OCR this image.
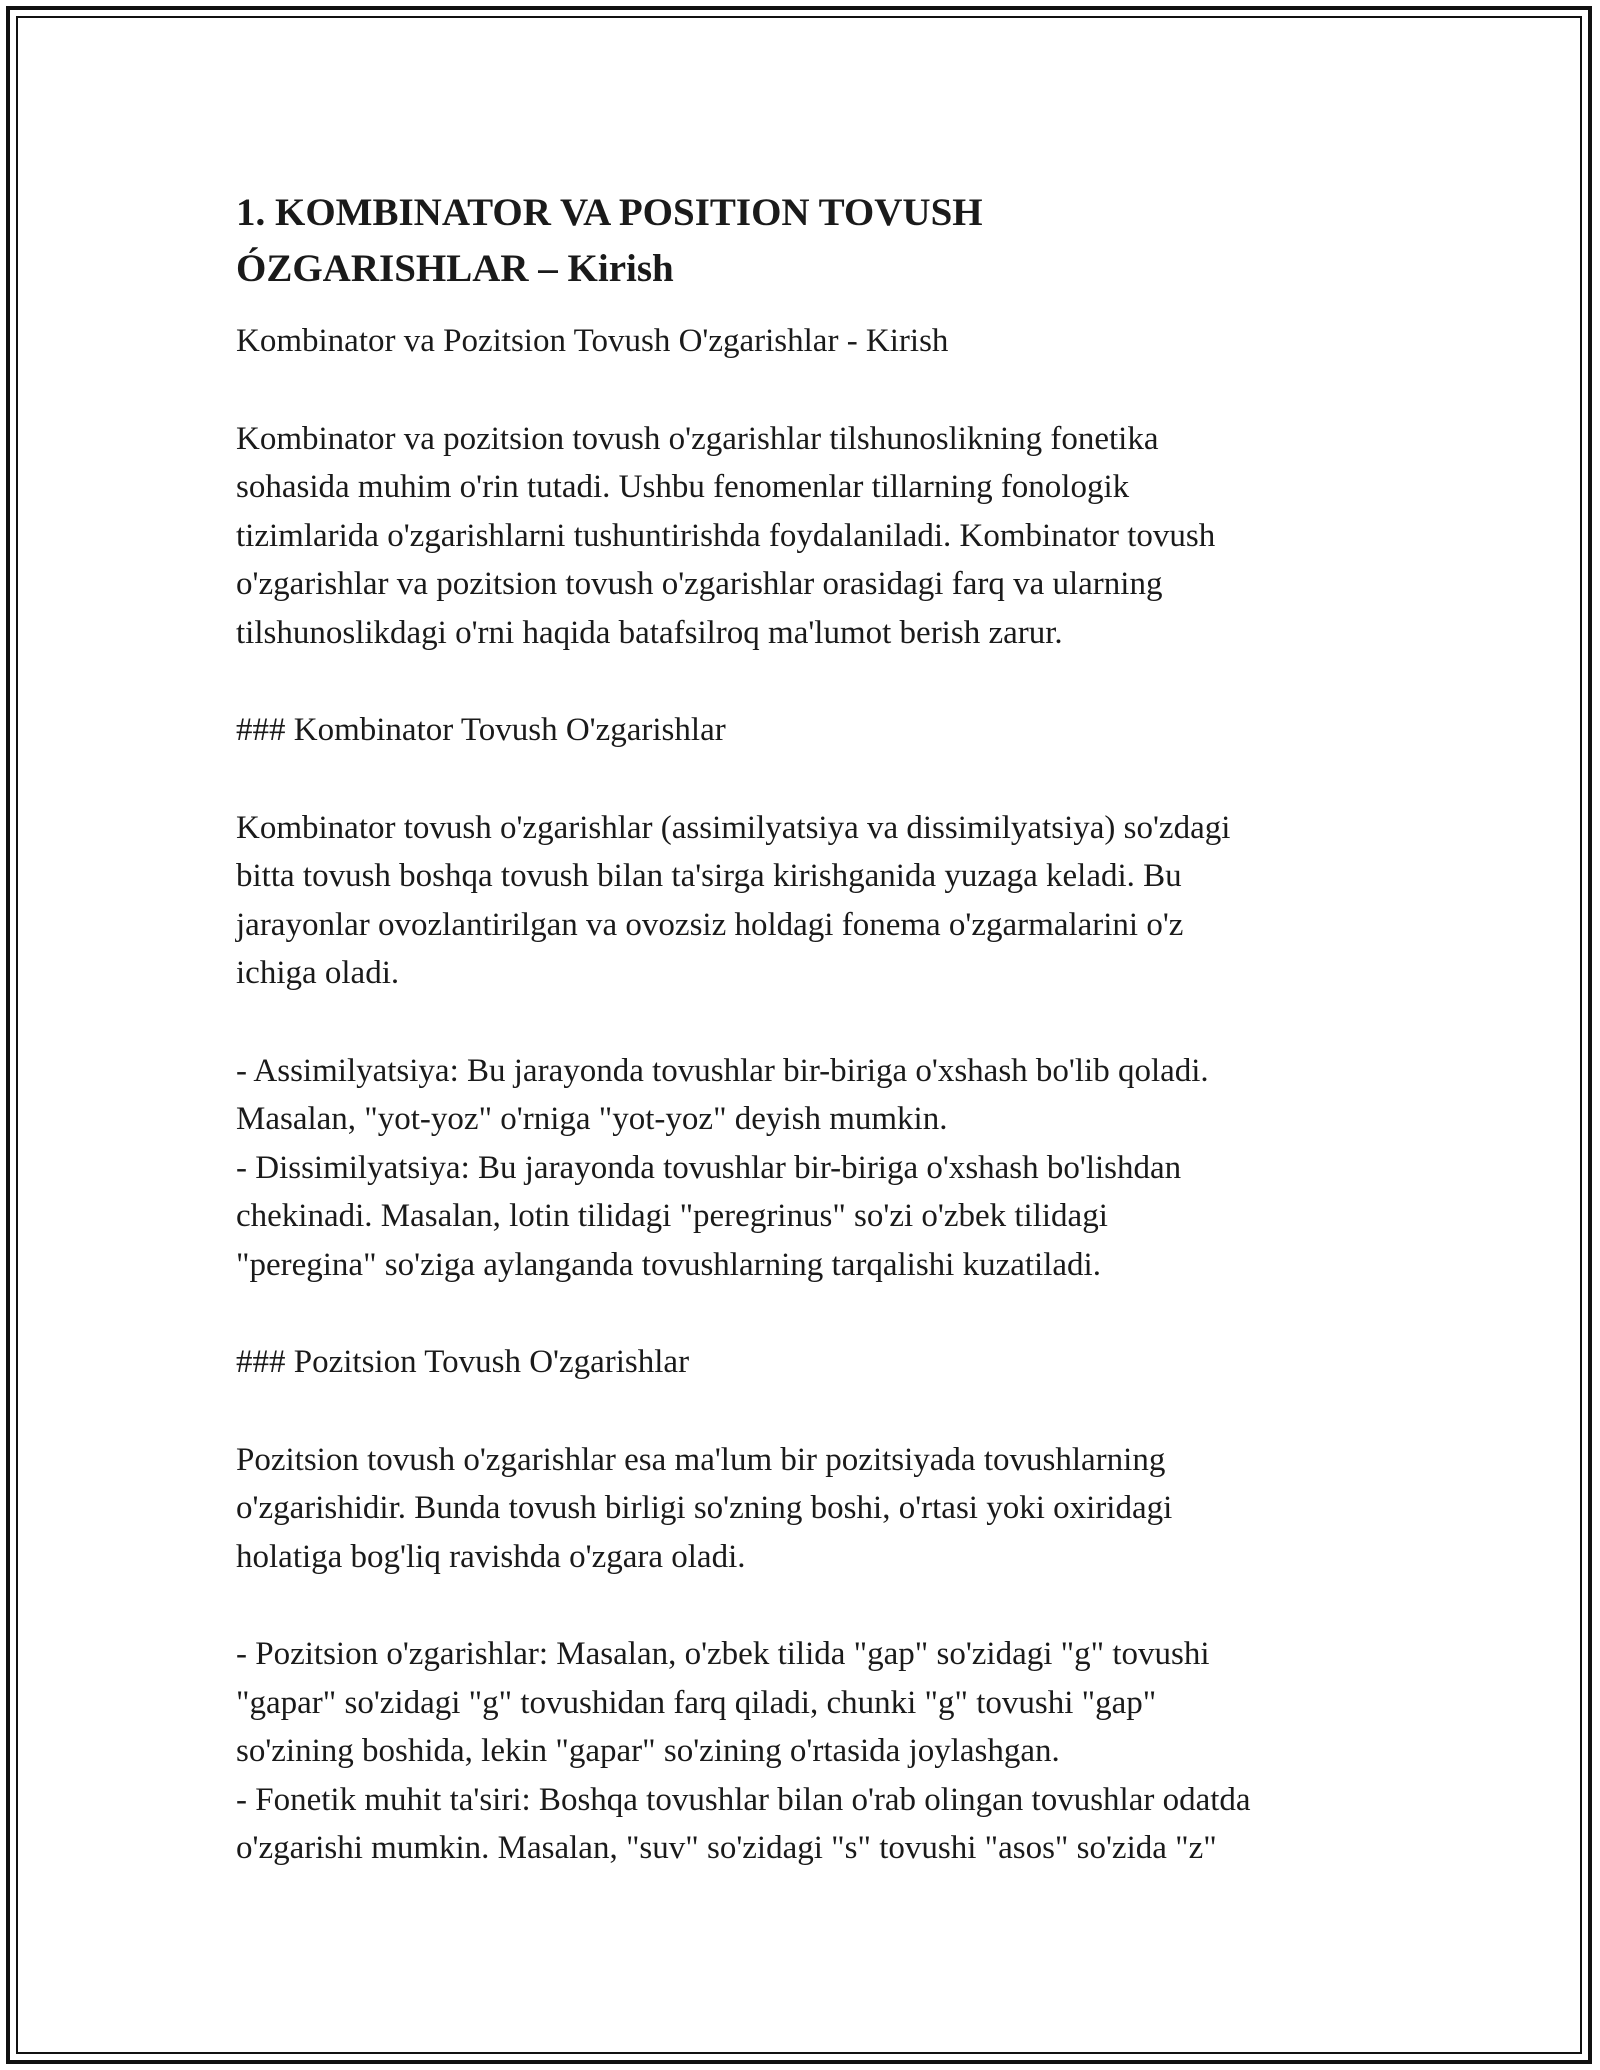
1. KOMBINATOR VA POSITION TOVUSH
ÓZGARISHLAR – Kirish

Kombinator va Pozitsion Tovush O'zgarishlar - Kirish

Kombinator va pozitsion tovush o'zgarishlar tilshunoslikning fonetika
sohasida muhim o'rin tutadi. Ushbu fenomenlar tillarning fonologik
tizimlarida o'zgarishlarni tushuntirishda foydalaniladi. Kombinator tovush
o'zgarishlar va pozitsion tovush o'zgarishlar orasidagi farq va ularning
tilshunoslikdagi o'rni haqida batafsilroq ma'lumot berish zarur.

### Kombinator Tovush O'zgarishlar

Kombinator tovush o'zgarishlar (assimilyatsiya va dissimilyatsiya) so'zdagi
bitta tovush boshqa tovush bilan ta'sirga kirishganida yuzaga keladi. Bu
jarayonlar ovozlantirilgan va ovozsiz holdagi fonema o'zgarmalarini o'z
ichiga oladi.

- Assimilyatsiya: Bu jarayonda tovushlar bir-biriga o'xshash bo'lib qoladi.
Masalan, "yot-yoz" o'rniga "yot-yoz" deyish mumkin.
- Dissimilyatsiya: Bu jarayonda tovushlar bir-biriga o'xshash bo'lishdan
chekinadi. Masalan, lotin tilidagi "peregrinus" so'zi o'zbek tilidagi
"peregina" so'ziga aylanganda tovushlarning tarqalishi kuzatiladi.

### Pozitsion Tovush O'zgarishlar

Pozitsion tovush o'zgarishlar esa ma'lum bir pozitsiyada tovushlarning
o'zgarishidir. Bunda tovush birligi so'zning boshi, o'rtasi yoki oxiridagi
holatiga bog'liq ravishda o'zgara oladi.

- Pozitsion o'zgarishlar: Masalan, o'zbek tilida "gap" so'zidagi "g" tovushi
"gapar" so'zidagi "g" tovushidan farq qiladi, chunki "g" tovushi "gap"
so'zining boshida, lekin "gapar" so'zining o'rtasida joylashgan.
- Fonetik muhit ta'siri: Boshqa tovushlar bilan o'rab olingan tovushlar odatda
o'zgarishi mumkin. Masalan, "suv" so'zidagi "s" tovushi "asos" so'zida "z"
